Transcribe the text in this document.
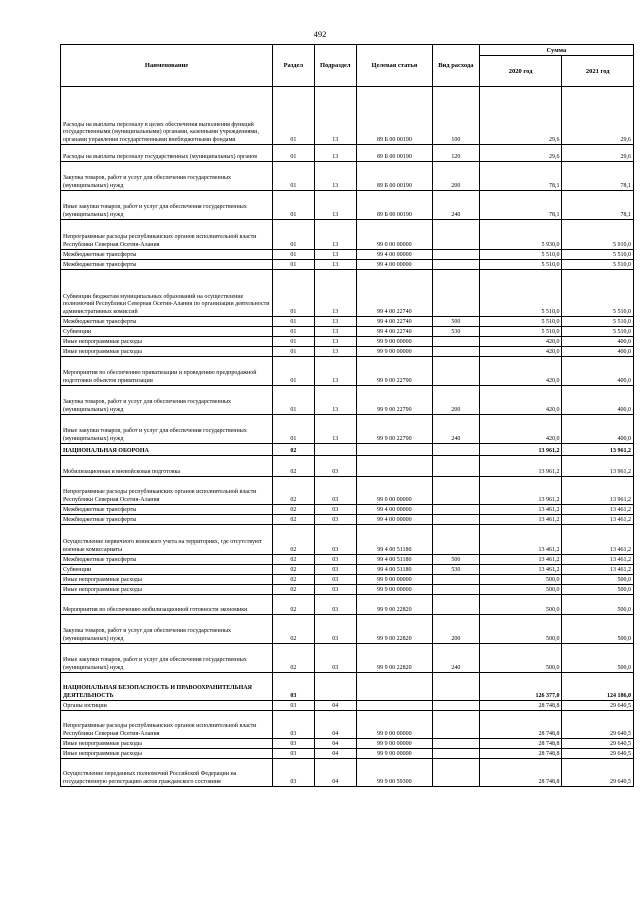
492
Наименование	Раздел	Подраздел	Целевая статья	Вид расхода	Сумма	
					2020 год	2021 год
Расходы на выплаты персоналу в целях обеспечения выполнения функций государственными (муниципальными) органами, казенными учреждениями, органами управления государственными внебюджетными фондами	01	13	89 Б 00 00190	100	29,6	29,6
Расходы на выплаты персоналу государственных (муниципальных) органов	01	13	89 Б 00 00190	120	29,6	29,6
Закупка товаров, работ и услуг для обеспечения государственных (муниципальных) нужд	01	13	89 Б 00 00190	200	78,1	78,1
Иные закупки товаров, работ и услуг для обеспечения государственных (муниципальных) нужд	01	13	89 Б 00 00190	240	78,1	78,1
Непрограммные расходы республиканских органов исполнительной власти Республики Северная Осетия-Алания	01	13	99 0 00 00000		5 930,0	5 910,0
Межбюджетные трансферты	01	13	99 4 00 00000		5 510,0	5 510,0
Межбюджетные трансферты	01	13	99 4 00 00000		5 510,0	5 510,0
Субвенции бюджетам муниципальных образований на осуществление полномочий Республики Северная Осетия-Алания по организации деятельности административных комиссий	01	13	99 4 00 22740		5 510,0	5 510,0
Межбюджетные трансферты	01	13	99 4 00 22740	500	5 510,0	5 510,0
Субвенции	01	13	99 4 00 22740	530	5 510,0	5 510,0
Иные непрограммные расходы	01	13	99 9 00 00000		420,0	400,0
Иные непрограммные расходы	01	13	99 9 00 00000		420,0	400,0
Мероприятия по обеспечению приватизации и проведению предпродажной подготовки объектов приватизации	01	13	99 9 00 22790		420,0	400,0
Закупка товаров, работ и услуг для обеспечения государственных (муниципальных) нужд	01	13	99 9 00 22790	200	420,0	400,0
Иные закупки товаров, работ и услуг для обеспечения государственных (муниципальных) нужд	01	13	99 9 00 22790	240	420,0	400,0
НАЦИОНАЛЬНАЯ ОБОРОНА	02				13 961,2	13 961,2
Мобилизационная и вневойсковая подготовка	02	03			13 961,2	13 961,2
Непрограммные расходы республиканских органов исполнительной власти Республики Северная Осетия-Алания	02	03	99 0 00 00000		13 961,2	13 961,2
Межбюджетные трансферты	02	03	99 4 00 00000		13 461,2	13 461,2
Межбюджетные трансферты	02	03	99 4 00 00000		13 461,2	13 461,2
Осуществление первичного воинского учета на территориях, где отсутствуют военные комиссариаты	02	03	99 4 00 51180		13 461,2	13 461,2
Межбюджетные трансферты	02	03	99 4 00 51180	500	13 461,2	13 461,2
Субвенции	02	03	99 4 00 51180	530	13 461,2	13 461,2
Иные непрограммные расходы	02	03	99 9 00 00000		500,0	500,0
Иные непрограммные расходы	02	03	99 9 00 00000		500,0	500,0
Мероприятия по обеспечению мобилизационной готовности экономики	02	03	99 9 00 22820		500,0	500,0
Закупка товаров, работ и услуг для обеспечения государственных (муниципальных) нужд	02	03	99 9 00 22820	200	500,0	500,0
Иные закупки товаров, работ и услуг для обеспечения государственных (муниципальных) нужд	02	03	99 9 00 22820	240	500,0	500,0
НАЦИОНАЛЬНАЯ БЕЗОПАСНОСТЬ И ПРАВООХРАНИТЕЛЬНАЯ ДЕЯТЕЛЬНОСТЬ	03				126 377,0	124 186,0
Органы юстиции	03	04			28 748,8	29 640,5
Непрограммные расходы республиканских органов исполнительной власти Республики Северная Осетия-Алания	03	04	99 0 00 00000		28 748,8	29 640,5
Иные непрограммные расходы	03	04	99 9 00 00000		28 748,8	29 640,5
Иные непрограммные расходы	03	04	99 9 00 00000		28 748,8	29 640,5
Осуществление переданных полномочий Российской Федерации на государственную регистрацию актов гражданского состояния	03	04	99 9 00 59300		28 748,8	29 640,5
